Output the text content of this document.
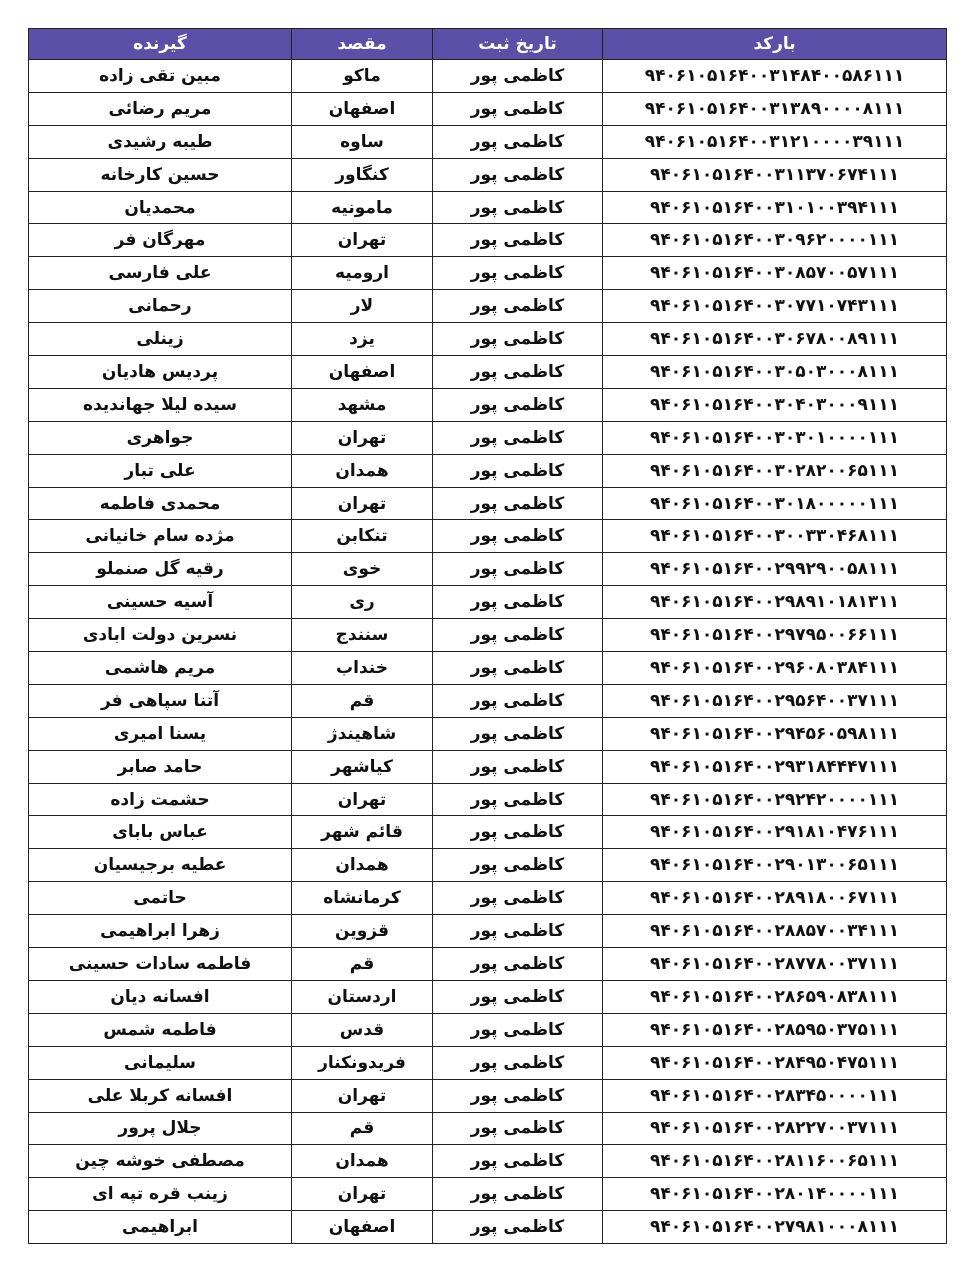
بارکد	تاریخ ثبت	مقصد	گیرنده
۹۴۰۶۱۰۵۱۶۴۰۰۳۱۴۸۴۰۰۵۸۶۱۱۱	کاظمی پور	ماکو	مبین تقی زاده
۹۴۰۶۱۰۵۱۶۴۰۰۳۱۳۸۹۰۰۰۰۸۱۱۱	کاظمی پور	اصفهان	مریم رضائی
۹۴۰۶۱۰۵۱۶۴۰۰۳۱۲۱۰۰۰۰۳۹۱۱۱	کاظمی پور	ساوه	طیبه رشیدی
۹۴۰۶۱۰۵۱۶۴۰۰۳۱۱۳۷۰۶۷۴۱۱۱	کاظمی پور	کنگاور	حسین کارخانه
۹۴۰۶۱۰۵۱۶۴۰۰۳۱۰۱۰۰۳۹۴۱۱۱	کاظمی پور	مامونیه	محمدیان
۹۴۰۶۱۰۵۱۶۴۰۰۳۰۹۶۲۰۰۰۰۱۱۱	کاظمی پور	تهران	مهرگان فر
۹۴۰۶۱۰۵۱۶۴۰۰۳۰۸۵۷۰۰۵۷۱۱۱	کاظمی پور	ارومیه	علی فارسی
۹۴۰۶۱۰۵۱۶۴۰۰۳۰۷۷۱۰۷۴۳۱۱۱	کاظمی پور	لار	رحمانی
۹۴۰۶۱۰۵۱۶۴۰۰۳۰۶۷۸۰۰۸۹۱۱۱	کاظمی پور	یزد	زینلی
۹۴۰۶۱۰۵۱۶۴۰۰۳۰۵۰۳۰۰۰۸۱۱۱	کاظمی پور	اصفهان	پردیس هادیان
۹۴۰۶۱۰۵۱۶۴۰۰۳۰۴۰۳۰۰۰۹۱۱۱	کاظمی پور	مشهد	سیده لیلا جهاندیده
۹۴۰۶۱۰۵۱۶۴۰۰۳۰۳۰۱۰۰۰۰۱۱۱	کاظمی پور	تهران	جواهری
۹۴۰۶۱۰۵۱۶۴۰۰۳۰۲۸۲۰۰۶۵۱۱۱	کاظمی پور	همدان	علی تبار
۹۴۰۶۱۰۵۱۶۴۰۰۳۰۱۸۰۰۰۰۰۱۱۱	کاظمی پور	تهران	محمدی فاطمه
۹۴۰۶۱۰۵۱۶۴۰۰۳۰۰۳۳۰۴۶۸۱۱۱	کاظمی پور	تنکابن	مژده سام خانیانی
۹۴۰۶۱۰۵۱۶۴۰۰۲۹۹۲۹۰۰۵۸۱۱۱	کاظمی پور	خوی	رقیه گل صنملو
۹۴۰۶۱۰۵۱۶۴۰۰۲۹۸۹۱۰۱۸۱۳۱۱	کاظمی پور	ری	آسیه حسینی
۹۴۰۶۱۰۵۱۶۴۰۰۲۹۷۹۵۰۰۶۶۱۱۱	کاظمی پور	سنندج	نسرین دولت ابادی
۹۴۰۶۱۰۵۱۶۴۰۰۲۹۶۰۸۰۳۸۴۱۱۱	کاظمی پور	خنداب	مریم هاشمی
۹۴۰۶۱۰۵۱۶۴۰۰۲۹۵۶۴۰۰۳۷۱۱۱	کاظمی پور	قم	آتنا سپاهی فر
۹۴۰۶۱۰۵۱۶۴۰۰۲۹۴۵۶۰۵۹۸۱۱۱	کاظمی پور	شاهیندژ	یسنا امیری
۹۴۰۶۱۰۵۱۶۴۰۰۲۹۳۱۸۴۴۴۷۱۱۱	کاظمی پور	کیاشهر	حامد صابر
۹۴۰۶۱۰۵۱۶۴۰۰۲۹۲۴۲۰۰۰۰۱۱۱	کاظمی پور	تهران	حشمت زاده
۹۴۰۶۱۰۵۱۶۴۰۰۲۹۱۸۱۰۴۷۶۱۱۱	کاظمی پور	قائم شهر	عباس بابای
۹۴۰۶۱۰۵۱۶۴۰۰۲۹۰۱۳۰۰۶۵۱۱۱	کاظمی پور	همدان	عطیه برجیسیان
۹۴۰۶۱۰۵۱۶۴۰۰۲۸۹۱۸۰۰۶۷۱۱۱	کاظمی پور	کرمانشاه	حاتمی
۹۴۰۶۱۰۵۱۶۴۰۰۲۸۸۵۷۰۰۳۴۱۱۱	کاظمی پور	قزوین	زهرا ابراهیمی
۹۴۰۶۱۰۵۱۶۴۰۰۲۸۷۷۸۰۰۳۷۱۱۱	کاظمی پور	قم	فاطمه سادات حسینی
۹۴۰۶۱۰۵۱۶۴۰۰۲۸۶۵۹۰۸۳۸۱۱۱	کاظمی پور	اردستان	افسانه دیان
۹۴۰۶۱۰۵۱۶۴۰۰۲۸۵۹۵۰۳۷۵۱۱۱	کاظمی پور	قدس	فاطمه شمس
۹۴۰۶۱۰۵۱۶۴۰۰۲۸۴۹۵۰۴۷۵۱۱۱	کاظمی پور	فریدونکنار	سلیمانی
۹۴۰۶۱۰۵۱۶۴۰۰۲۸۳۴۵۰۰۰۰۱۱۱	کاظمی پور	تهران	افسانه کربلا علی
۹۴۰۶۱۰۵۱۶۴۰۰۲۸۲۲۷۰۰۳۷۱۱۱	کاظمی پور	قم	جلال پرور
۹۴۰۶۱۰۵۱۶۴۰۰۲۸۱۱۶۰۰۶۵۱۱۱	کاظمی پور	همدان	مصطفی خوشه چین
۹۴۰۶۱۰۵۱۶۴۰۰۲۸۰۱۴۰۰۰۰۱۱۱	کاظمی پور	تهران	زینب قره تپه ای
۹۴۰۶۱۰۵۱۶۴۰۰۲۷۹۸۱۰۰۰۸۱۱۱	کاظمی پور	اصفهان	ابراهیمی
